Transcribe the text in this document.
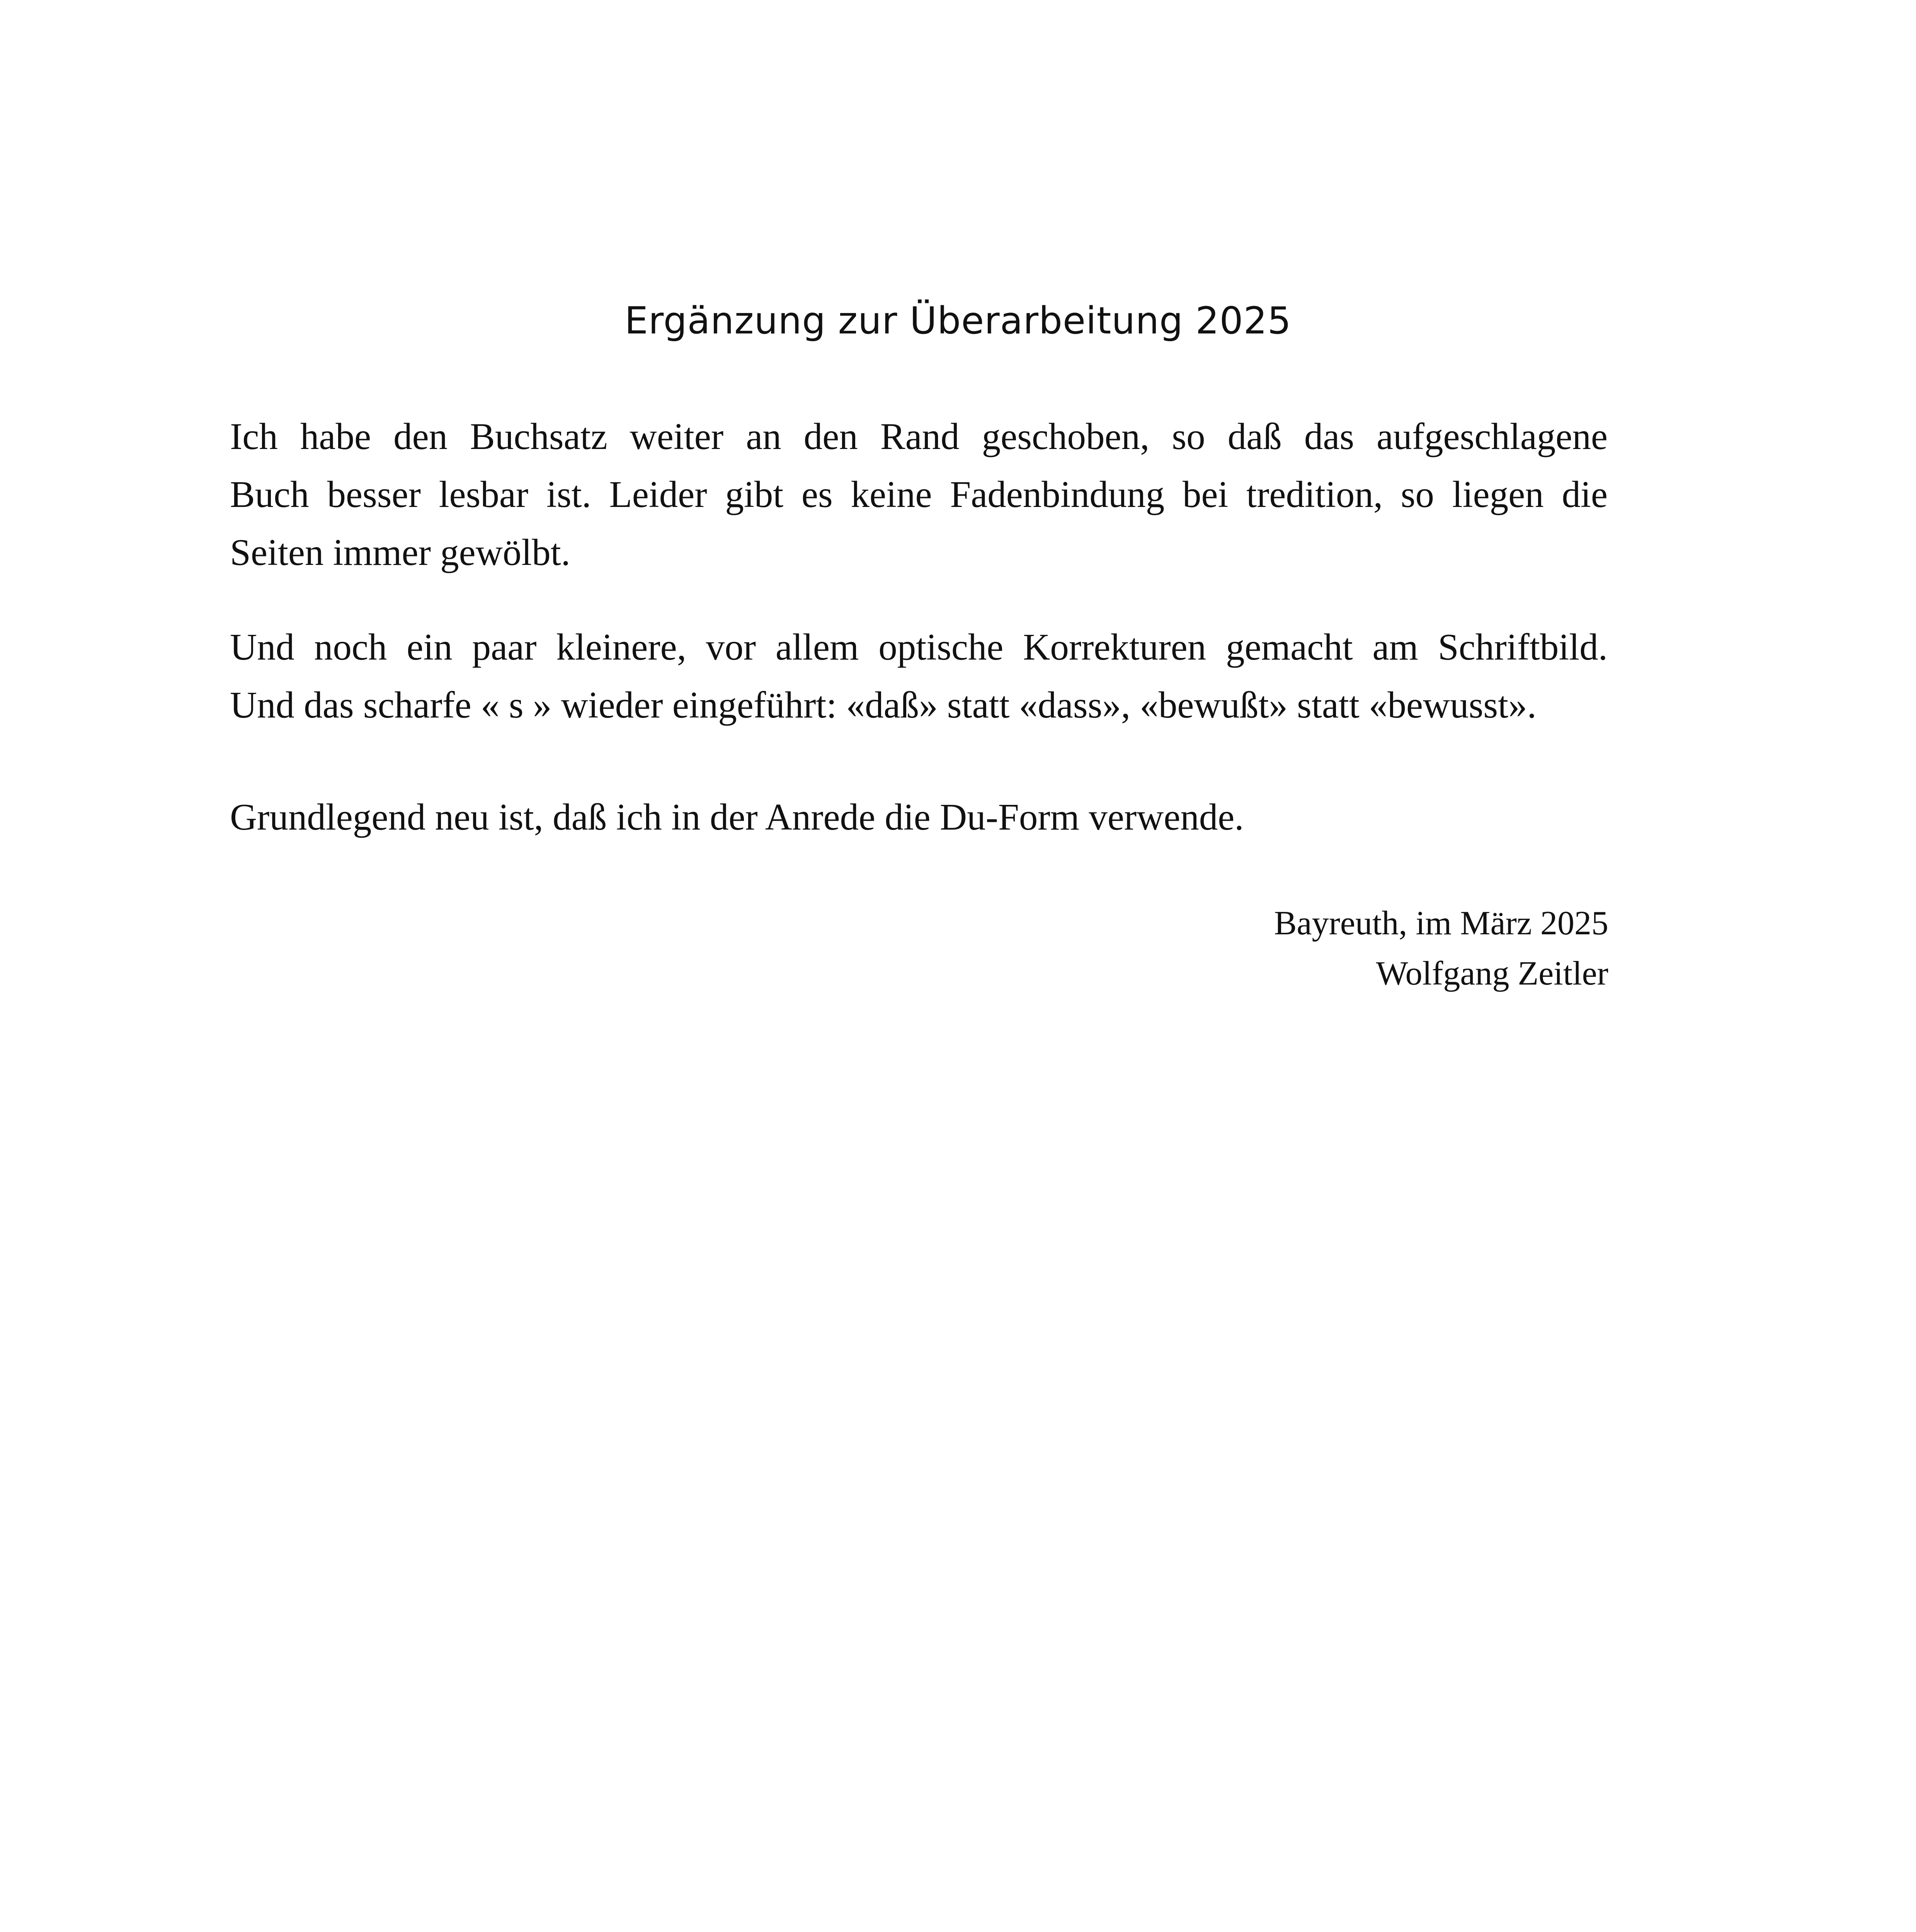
Ergänzung zur Überarbeitung 2025
Ich habe den Buchsatz weiter an den Rand geschoben, so daß das aufgeschlagene
Buch besser lesbar ist. Leider gibt es keine Fadenbindung bei tredition, so liegen die
Seiten immer gewölbt.
Und noch ein paar kleinere, vor allem optische Korrekturen gemacht am Schriftbild.
Und das scharfe « s » wieder eingeführt: «daß» statt «dass», «bewußt» statt «bewusst».
Grundlegend neu ist, daß ich in der Anrede die Du-Form verwende.
Bayreuth, im März 2025
Wolfgang Zeitler
